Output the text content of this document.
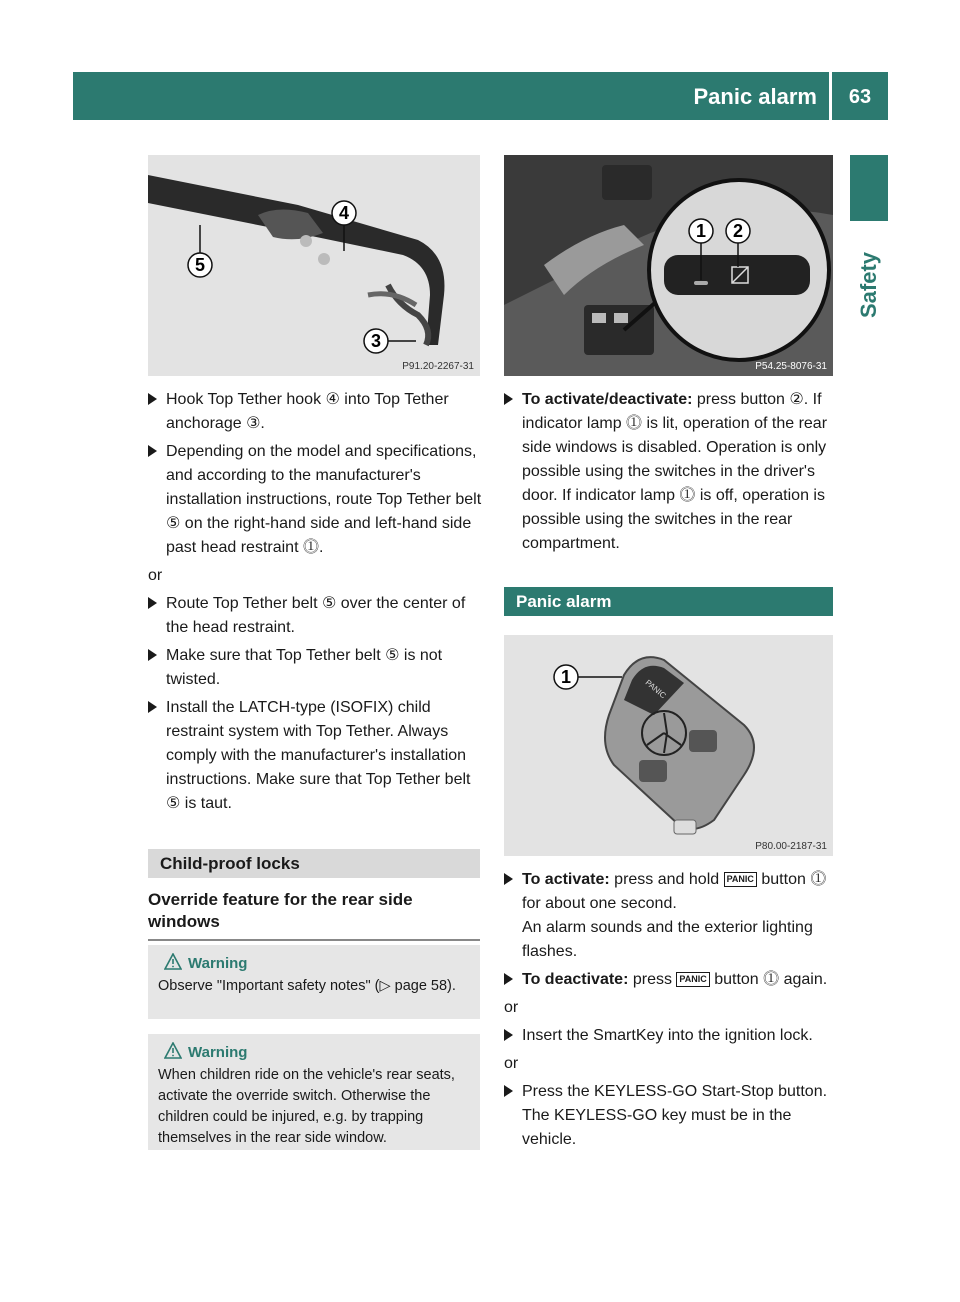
Panic alarm	63
Safety
5
4
3
P91.20-2267-31
1 2
P54.25-8076-31
Hook Top Tether hook ④ into Top Tether anchorage ③.
Depending on the model and specifications, and according to the manufacturer's installation instructions, route Top Tether belt ⑤ on the right-hand side and left-hand side past head restraint ⓵.
or
Route Top Tether belt ⑤ over the center of the head restraint.
Make sure that Top Tether belt ⑤ is not twisted.
Install the LATCH-type (ISOFIX) child restraint system with Top Tether. Always comply with the manufacturer's installation instructions. Make sure that Top Tether belt ⑤ is taut.
Child-proof locks
Override feature for the rear side windows
Warning
Observe "Important safety notes" (▷ page 58).
Warning
When children ride on the vehicle's rear seats, activate the override switch. Otherwise the children could be injured, e.g. by trapping themselves in the rear side window.
To activate/deactivate: press button ②. If indicator lamp ⓵ is lit, operation of the rear side windows is disabled. Operation is only possible using the switches in the driver's door. If indicator lamp ⓵ is off, operation is possible using the switches in the rear compartment.
Panic alarm
PANIC
1
P80.00-2187-31
To activate: press and hold PANIC button ⓵ for about one second.
An alarm sounds and the exterior lighting flashes.
To deactivate: press PANIC button ⓵ again.
or
Insert the SmartKey into the ignition lock.
or
Press the KEYLESS-GO Start-Stop button.
The KEYLESS-GO key must be in the vehicle.
